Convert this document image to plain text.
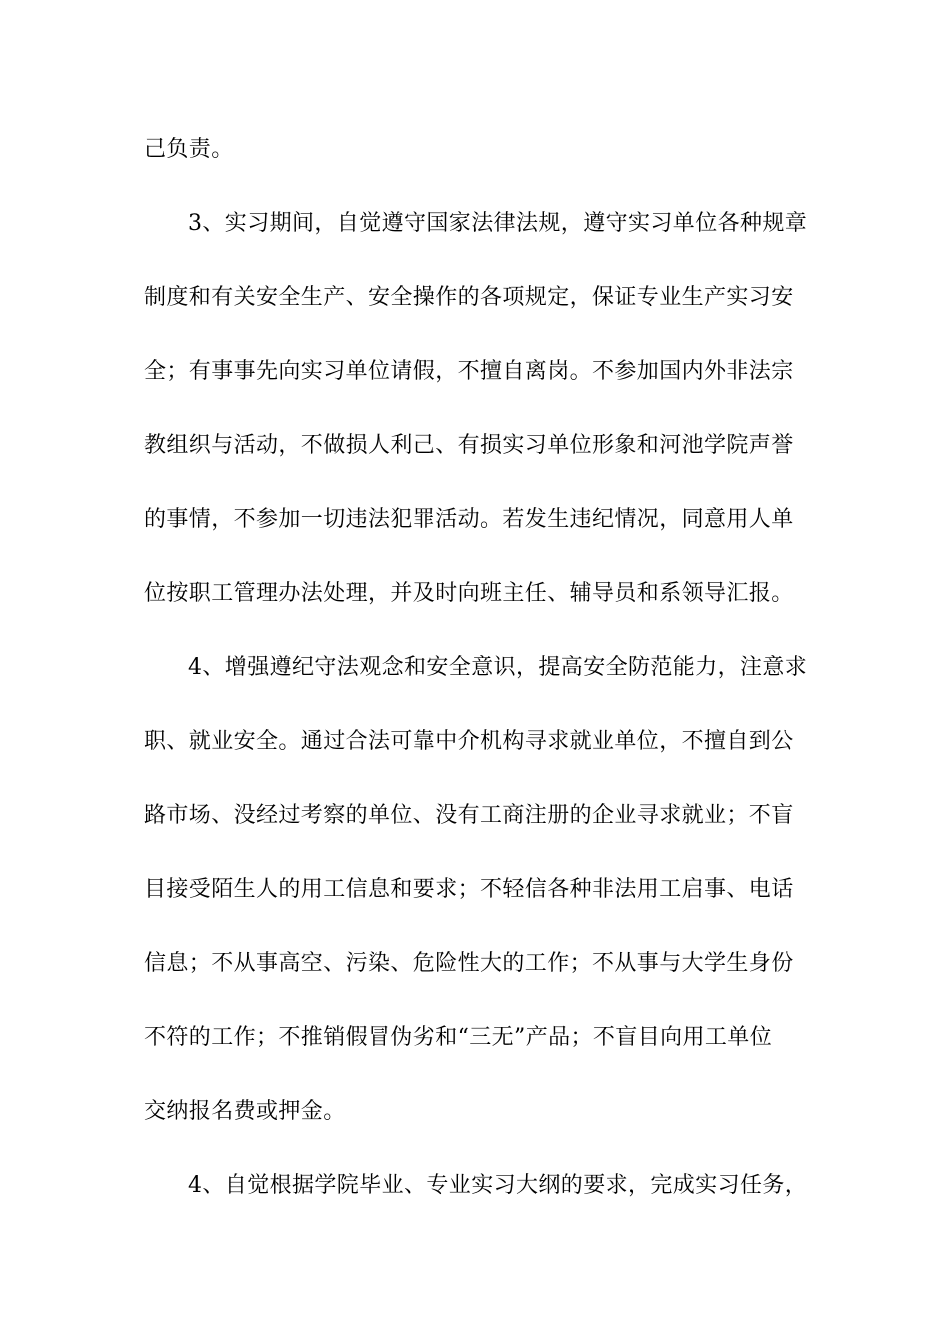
己负责。
3、实习期间，自觉遵守国家法律法规，遵守实习单位各种规章
制度和有关安全生产、安全操作的各项规定，保证专业生产实习安
全；有事事先向实习单位请假，不擅自离岗。不参加国内外非法宗
教组织与活动，不做损人利己、有损实习单位形象和河池学院声誉
的事情，不参加一切违法犯罪活动。若发生违纪情况，同意用人单
位按职工管理办法处理，并及时向班主任、辅导员和系领导汇报。
4、增强遵纪守法观念和安全意识，提高安全防范能力，注意求
职、就业安全。通过合法可靠中介机构寻求就业单位，不擅自到公
路市场、没经过考察的单位、没有工商注册的企业寻求就业；不盲
目接受陌生人的用工信息和要求；不轻信各种非法用工启事、电话
信息；不从事高空、污染、危险性大的工作；不从事与大学生身份
不符的工作；不推销假冒伪劣和“三无”产品；不盲目向用工单位
交纳报名费或押金。
4、自觉根据学院毕业、专业实习大纲的要求，完成实习任务，
